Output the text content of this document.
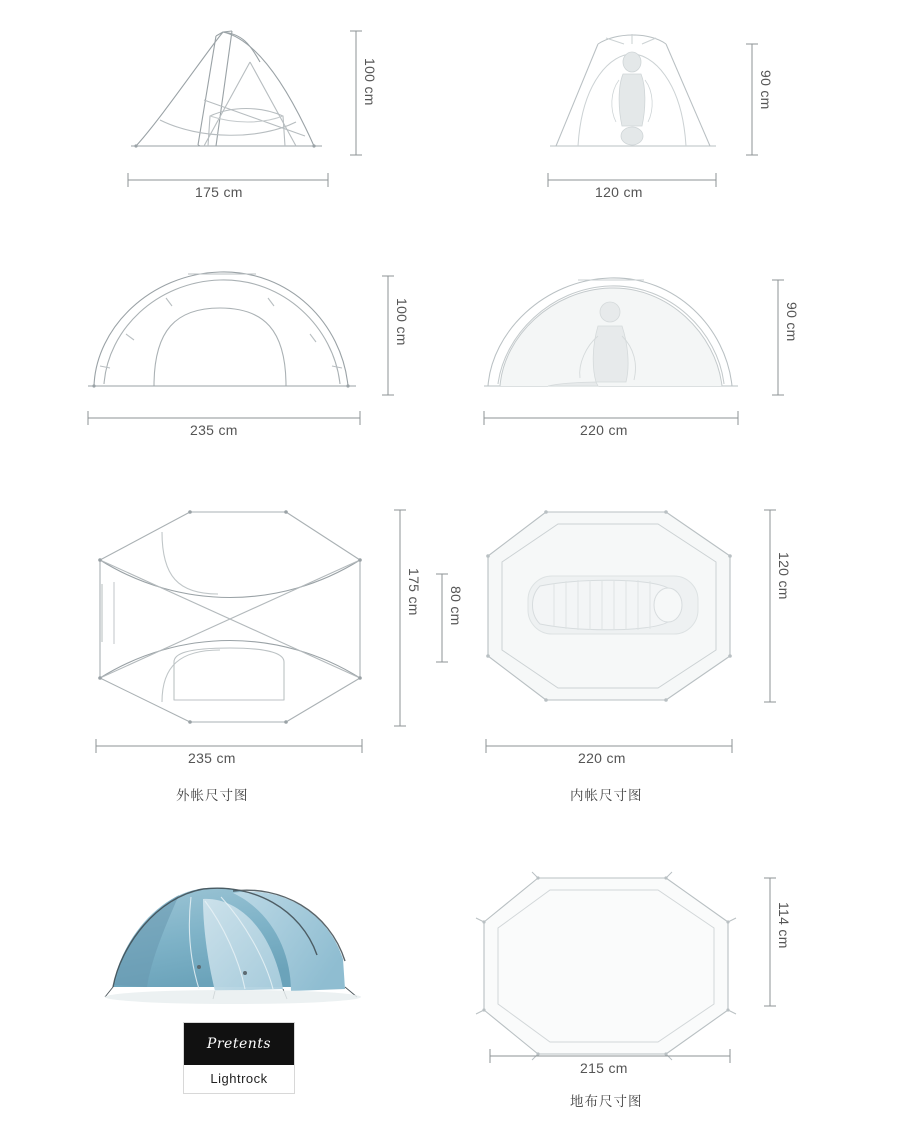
100 cm
175 cm
90 cm
120 cm
100 cm
235 cm
90 cm
220 cm
175 cm 80 cm
235 cm
120 cm
220 cm
外帐尺寸图	内帐尺寸图
Pretents
Lightrock
114 cm
215 cm
地布尺寸图
